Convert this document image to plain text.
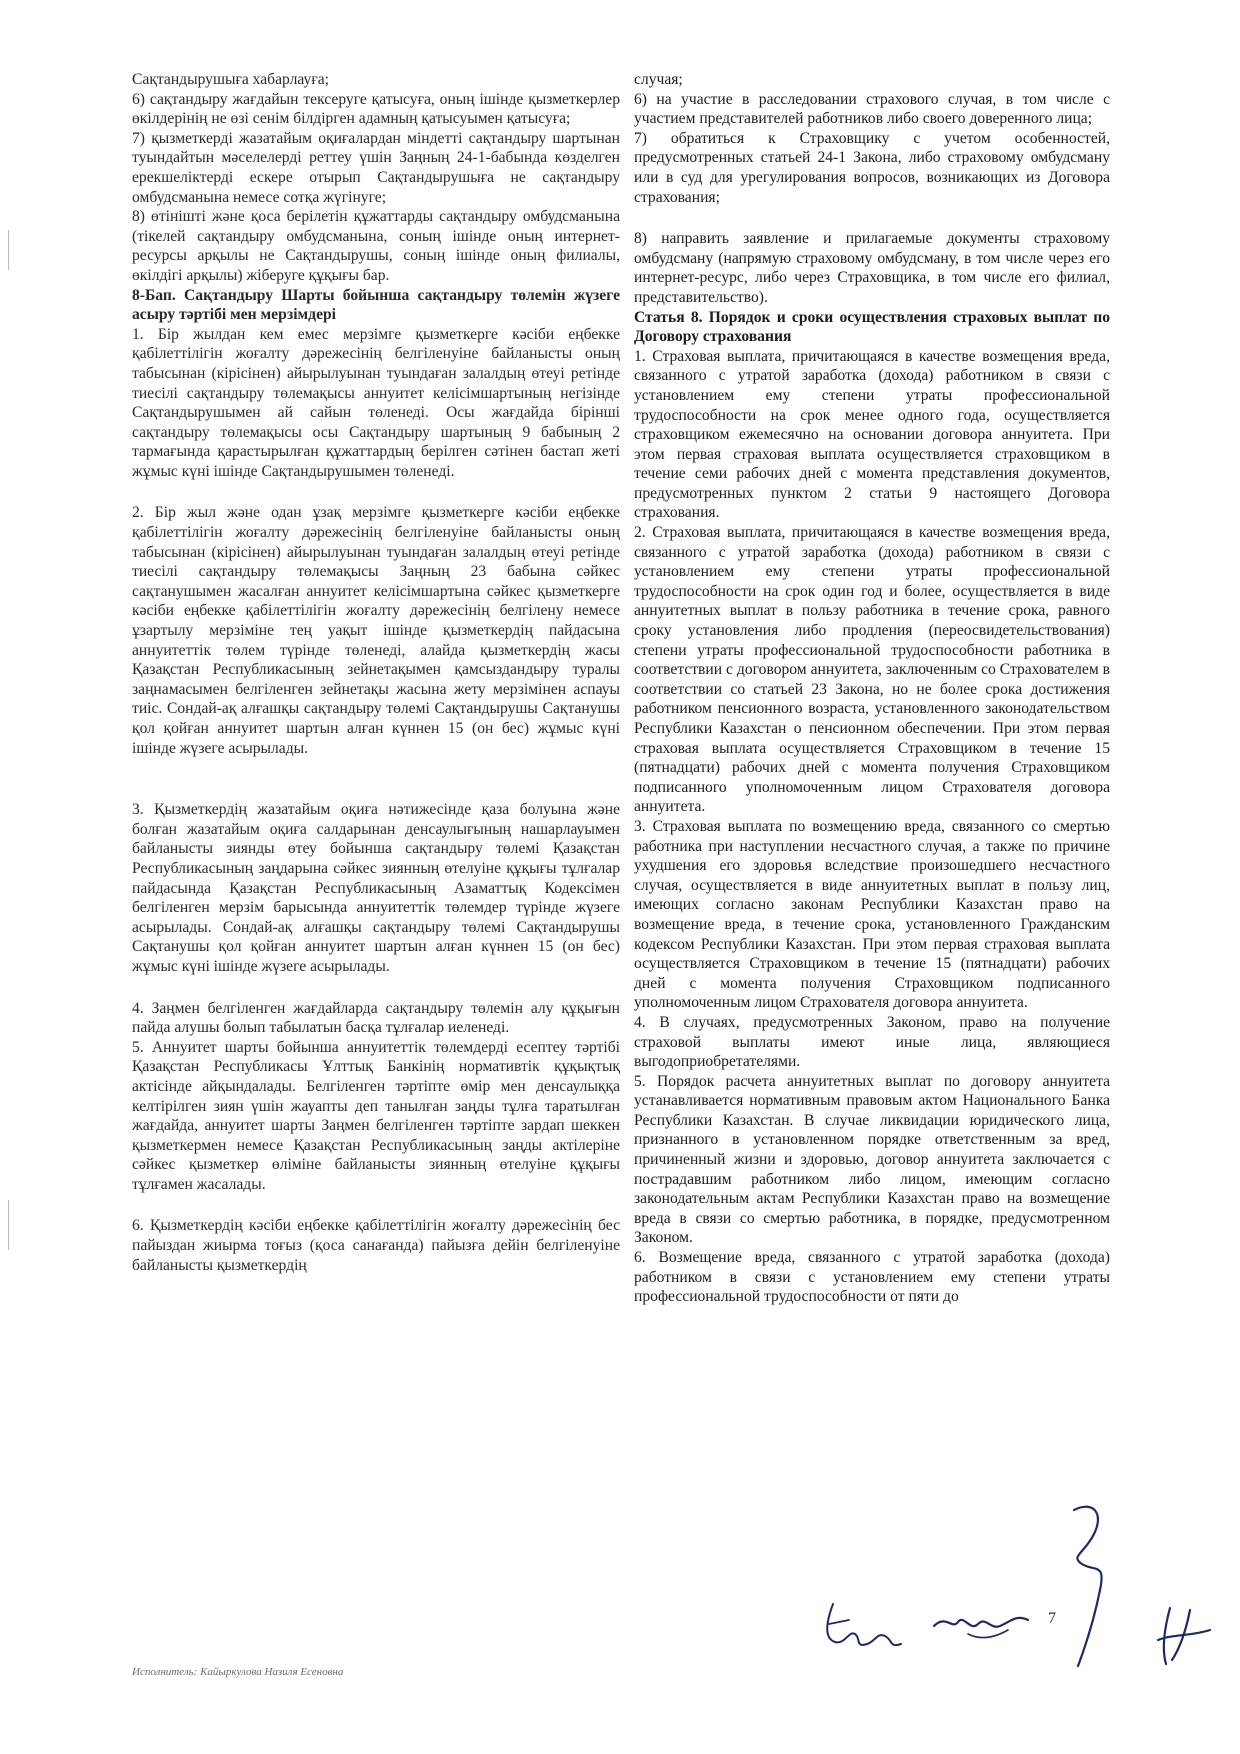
Сақтандырушыға хабарлауға;

6) сақтандыру жағдайын тексеруге қатысуға, оның ішінде қызметкерлер өкілдерінің не өзі сенім білдірген адамның қатысуымен қатысуға;

7) қызметкерді жазатайым оқиғалардан міндетті сақтандыру шартынан туындайтын мәселелерді реттеу үшін Заңның 24-1-бабында көзделген ерекшеліктерді ескере отырып Сақтандырушыға не сақтандыру омбудсманына немесе сотқа жүгінуге;

8) өтінішті және қоса берілетін құжаттарды сақтандыру омбудсманына (тікелей сақтандыру омбудсманына, соның ішінде оның интернет-ресурсы арқылы не Сақтандырушы, соның ішінде оның филиалы, өкілдігі арқылы) жіберуге құқығы бар.

8-Бап. Сақтандыру Шарты бойынша сақтандыру төлемін жүзеге асыру тәртібі мен мерзімдері

1. Бір жылдан кем емес мерзімге қызметкерге кәсіби еңбекке қабілеттілігін жоғалту дәрежесінің белгіленуіне байланысты оның табысынан (кірісінен) айырылуынан туындаған залалдың өтеуі ретінде тиесілі сақтандыру төлемақысы аннуитет келісімшартының негізінде Сақтандырушымен ай сайын төленеді. Осы жағдайда бірінші сақтандыру төлемақысы осы Сақтандыру шартының 9 бабының 2 тармағында қарастырылған құжаттардың берілген сәтінен бастап жеті жұмыс күні ішінде Сақтандырушымен төленеді.

2. Бір жыл және одан ұзақ мерзімге қызметкерге кәсіби еңбекке қабілеттілігін жоғалту дәрежесінің белгіленуіне байланысты оның табысынан (кірісінен) айырылуынан туындаған залалдың өтеуі ретінде тиесілі сақтандыру төлемақысы Заңның 23 бабына сәйкес сақтанушымен жасалған аннуитет келісімшартына сәйкес қызметкерге кәсіби еңбекке қабілеттілігін жоғалту дәрежесінің белгілену немесе ұзартылу мерзіміне тең уақыт ішінде қызметкердің пайдасына аннуитеттік төлем түрінде төленеді, алайда қызметкердің жасы Қазақстан Республикасының зейнетақымен қамсыздандыру туралы заңнамасымен белгіленген зейнетақы жасына жету мерзімінен аспауы тиіс. Сондай-ақ алғашқы сақтандыру төлемі Сақтандырушы Сақтанушы қол қойған аннуитет шартын алған күннен 15 (он бес) жұмыс күні ішінде жүзеге асырылады.

3. Қызметкердің жазатайым оқиға нәтижесінде қаза болуына және болған жазатайым оқиға салдарынан денсаулығының нашарлауымен байланысты зиянды өтеу бойынша сақтандыру төлемі Қазақстан Республикасының заңдарына сәйкес зиянның өтелуіне құқығы тұлғалар пайдасында Қазақстан Республикасының Азаматтық Кодексімен белгіленген мерзім барысында аннуитеттік төлемдер түрінде жүзеге асырылады. Сондай-ақ алғашқы сақтандыру төлемі Сақтандырушы Сақтанушы қол қойған аннуитет шартын алған күннен 15 (он бес) жұмыс күні ішінде жүзеге асырылады.

4. Заңмен белгіленген жағдайларда сақтандыру төлемін алу құқығын пайда алушы болып табылатын басқа тұлғалар иеленеді.

5. Аннуитет шарты бойынша аннуитеттік төлемдерді есептеу тәртібі Қазақстан Республикасы Ұлттық Банкінің нормативтік құқықтық актісінде айқындалады. Белгіленген тәртіпте өмір мен денсаулыққа келтірілген зиян үшін жауапты деп танылған заңды тұлға таратылған жағдайда, аннуитет шарты Заңмен белгіленген тәртіпте зардап шеккен қызметкермен немесе Қазақстан Республикасының заңды актілеріне сәйкес қызметкер өліміне байланысты зиянның өтелуіне құқығы тұлғамен жасалады.

6. Қызметкердің кәсіби еңбекке қабілеттілігін жоғалту дәрежесінің бес пайыздан жиырма тоғыз (қоса санағанда) пайызға дейін белгіленуіне байланысты қызметкердің

случая;

6) на участие в расследовании страхового случая, в том числе с участием представителей работников либо своего доверенного лица;

7) обратиться к Страховщику с учетом особенностей, предусмотренных статьей 24-1 Закона, либо страховому омбудсману или в суд для урегулирования вопросов, возникающих из Договора страхования;

8) направить заявление и прилагаемые документы страховому омбудсману (напрямую страховому омбудсману, в том числе через его интернет-ресурс, либо через Страховщика, в том числе его филиал, представительство).

Статья 8. Порядок и сроки осуществления страховых выплат по Договору страхования

1. Страховая выплата, причитающаяся в качестве возмещения вреда, связанного с утратой заработка (дохода) работником в связи с установлением ему степени утраты профессиональной трудоспособности на срок менее одного года, осуществляется страховщиком ежемесячно на основании договора аннуитета. При этом первая страховая выплата осуществляется страховщиком в течение семи рабочих дней с момента представления документов, предусмотренных пунктом 2 статьи 9 настоящего Договора страхования.

2. Страховая выплата, причитающаяся в качестве возмещения вреда, связанного с утратой заработка (дохода) работником в связи с установлением ему степени утраты профессиональной трудоспособности на срок один год и более, осуществляется в виде аннуитетных выплат в пользу работника в течение срока, равного сроку установления либо продления (переосвидетельствования) степени утраты профессиональной трудоспособности работника в соответствии с договором аннуитета, заключенным со Страхователем в соответствии со статьей 23 Закона, но не более срока достижения работником пенсионного возраста, установленного законодательством Республики Казахстан о пенсионном обеспечении. При этом первая страховая выплата осуществляется Страховщиком в течение 15 (пятнадцати) рабочих дней с момента получения Страховщиком подписанного уполномоченным лицом Страхователя договора аннуитета.

3. Страховая выплата по возмещению вреда, связанного со смертью работника при наступлении несчастного случая, а также по причине ухудшения его здоровья вследствие произошедшего несчастного случая, осуществляется в виде аннуитетных выплат в пользу лиц, имеющих согласно законам Республики Казахстан право на возмещение вреда, в течение срока, установленного Гражданским кодексом Республики Казахстан. При этом первая страховая выплата осуществляется Страховщиком в течение 15 (пятнадцати) рабочих дней с момента получения Страховщиком подписанного уполномоченным лицом Страхователя договора аннуитета.

4. В случаях, предусмотренных Законом, право на получение страховой выплаты имеют иные лица, являющиеся выгодоприобретателями.

5. Порядок расчета аннуитетных выплат по договору аннуитета устанавливается нормативным правовым актом Национального Банка Республики Казахстан. В случае ликвидации юридического лица, признанного в установленном порядке ответственным за вред, причиненный жизни и здоровью, договор аннуитета заключается с пострадавшим работником либо лицом, имеющим согласно законодательным актам Республики Казахстан право на возмещение вреда в связи со смертью работника, в порядке, предусмотренном Законом.

6. Возмещение вреда, связанного с утратой заработка (дохода) работником в связи с установлением ему степени утраты профессиональной трудоспособности от пяти до

Исполнитель: Кайыркулова Назиля Есеновна
7
